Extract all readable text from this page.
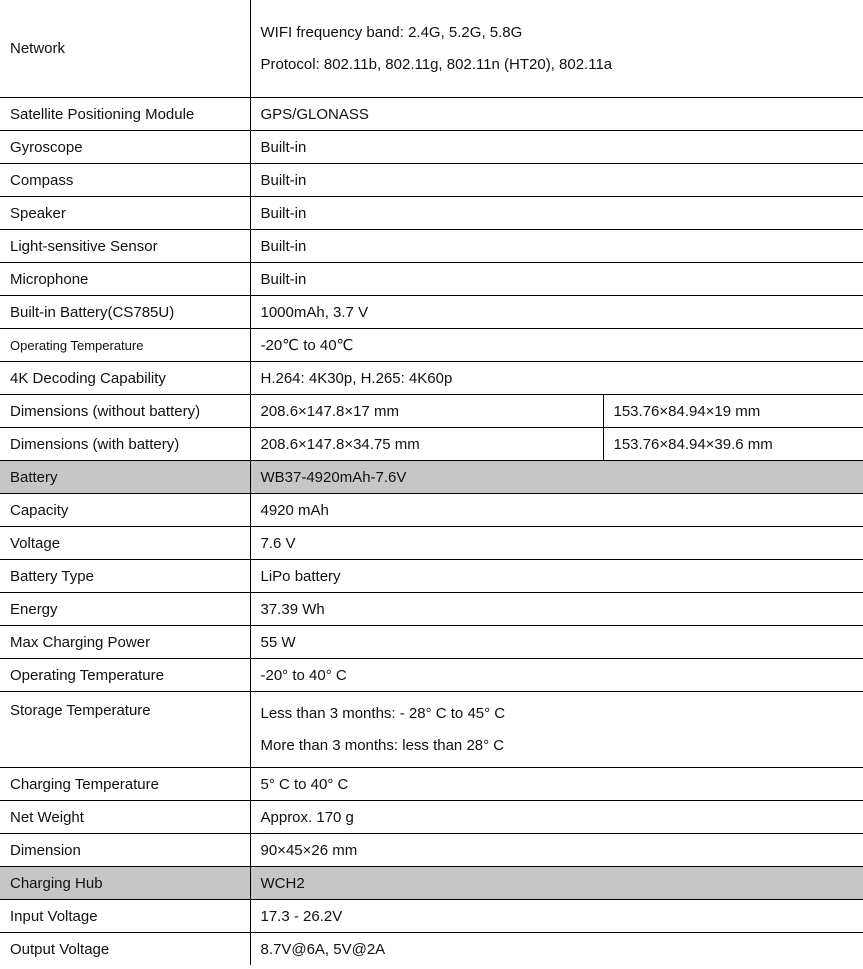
Network	WIFI frequency band: 2.4G, 5.2G, 5.8G
Protocol: 802.11b, 802.11g, 802.11n (HT20), 802.11a	

Satellite Positioning Module	GPS/GLONASS	
Gyroscope	Built-in	
Compass	Built-in	
Speaker	Built-in	
Light-sensitive Sensor	Built-in	
Microphone	Built-in	
Built-in Battery(CS785U)	1000mAh, 3.7 V	
Operating Temperature	-20℃ to 40℃	
4K Decoding Capability	H.264: 4K30p, H.265: 4K60p	
Dimensions (without battery)	208.6×147.8×17 mm	153.76×84.94×19 mm
Dimensions (with battery)	208.6×147.8×34.75 mm	153.76×84.94×39.6 mm
Battery	WB37-4920mAh-7.6V	
Capacity	4920 mAh	
Voltage	7.6 V	
Battery Type	LiPo battery	
Energy	37.39 Wh	
Max Charging Power	55 W	
Operating Temperature	-20° to 40° C	
Storage Temperature	Less than 3 months: - 28° C to 45° C
More than 3 months: less than 28° C	

Charging Temperature	5° C to 40° C	
Net Weight	Approx. 170 g	
Dimension	90×45×26 mm	
Charging Hub	WCH2	
Input Voltage	17.3 - 26.2V	
Output Voltage	8.7V@6A, 5V@2A	
